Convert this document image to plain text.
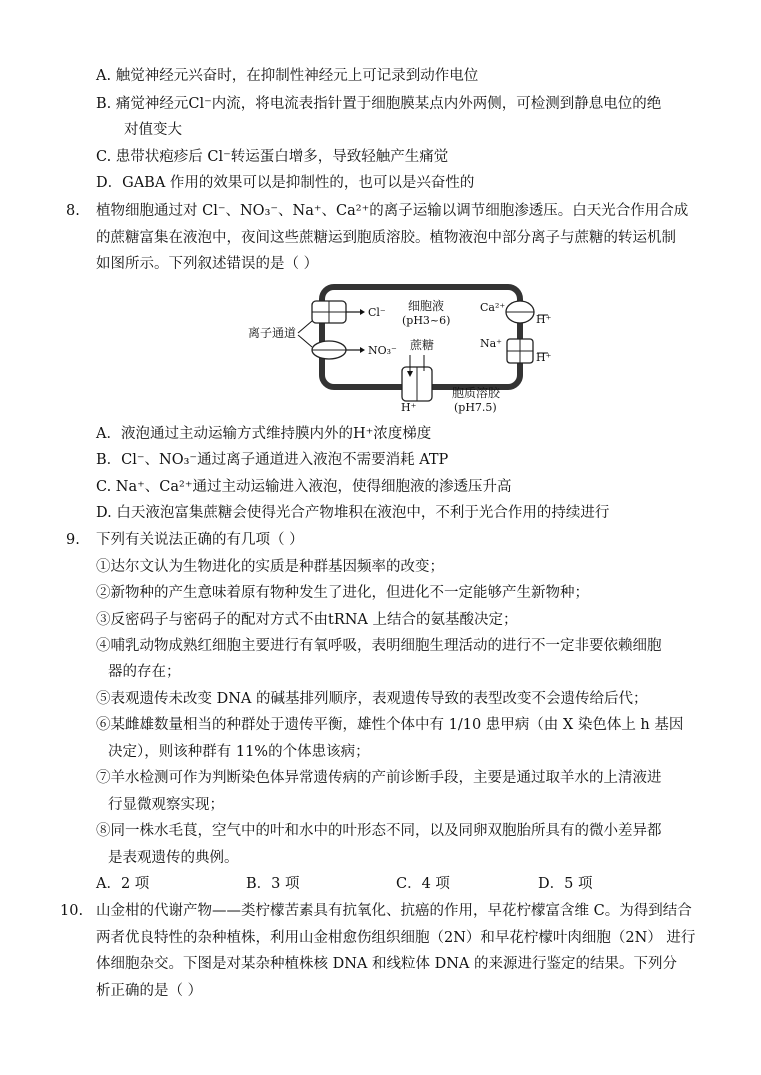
A. 触觉神经元兴奋时，在抑制性神经元上可记录到动作电位
B. 痛觉神经元Cl⁻内流，将电流表指针置于细胞膜某点内外两侧，可检测到静息电位的绝
对值变大
C. 患带状疱疹后 Cl⁻转运蛋白增多，导致轻触产生痛觉
D．GABA 作用的效果可以是抑制性的，也可以是兴奋性的
8. 植物细胞通过对 Cl⁻、NO₃⁻、Na⁺、Ca²⁺的离子运输以调节细胞渗透压。白天光合作用合成
的蔗糖富集在液泡中，夜间这些蔗糖运到胞质溶胶。植物液泡中部分离子与蔗糖的转运机制
如图所示。下列叙述错误的是（ ）
Cl⁻
NO₃⁻
离子通道
细胞液
(pH3~6)
Ca²⁺
H⁺
Na⁺
H⁺
蔗糖
H⁺
胞质溶胶
(pH7.5)
A．液泡通过主动运输方式维持膜内外的H⁺浓度梯度
B．Cl⁻、NO₃⁻通过离子通道进入液泡不需要消耗 ATP
C. Na⁺、Ca²⁺通过主动运输进入液泡，使得细胞液的渗透压升高
D. 白天液泡富集蔗糖会使得光合产物堆积在液泡中，不利于光合作用的持续进行
9. 下列有关说法正确的有几项（ ）
①达尔文认为生物进化的实质是种群基因频率的改变；
②新物种的产生意味着原有物种发生了进化，但进化不一定能够产生新物种；
③反密码子与密码子的配对方式不由tRNA 上结合的氨基酸决定；
④哺乳动物成熟红细胞主要进行有氧呼吸，表明细胞生理活动的进行不一定非要依赖细胞
器的存在；
⑤表观遗传未改变 DNA 的碱基排列顺序，表观遗传导致的表型改变不会遗传给后代；
⑥某雌雄数量相当的种群处于遗传平衡，雄性个体中有 1/10 患甲病（由 X 染色体上 h 基因
决定），则该种群有 11%的个体患该病；
⑦羊水检测可作为判断染色体异常遗传病的产前诊断手段，主要是通过取羊水的上清液进
行显微观察实现；
⑧同一株水毛茛，空气中的叶和水中的叶形态不同，以及同卵双胞胎所具有的微小差异都
是表观遗传的典例。
A．2 项	B．3 项	C．4 项	D．5 项
10. 山金柑的代谢产物——类柠檬苦素具有抗氧化、抗癌的作用，早花柠檬富含维 C。为得到结合
两者优良特性的杂种植株，利用山金柑愈伤组织细胞（2N）和早花柠檬叶肉细胞（2N） 进行
体细胞杂交。下图是对某杂种植株核 DNA 和线粒体 DNA 的来源进行鉴定的结果。下列分
析正确的是（ ）
